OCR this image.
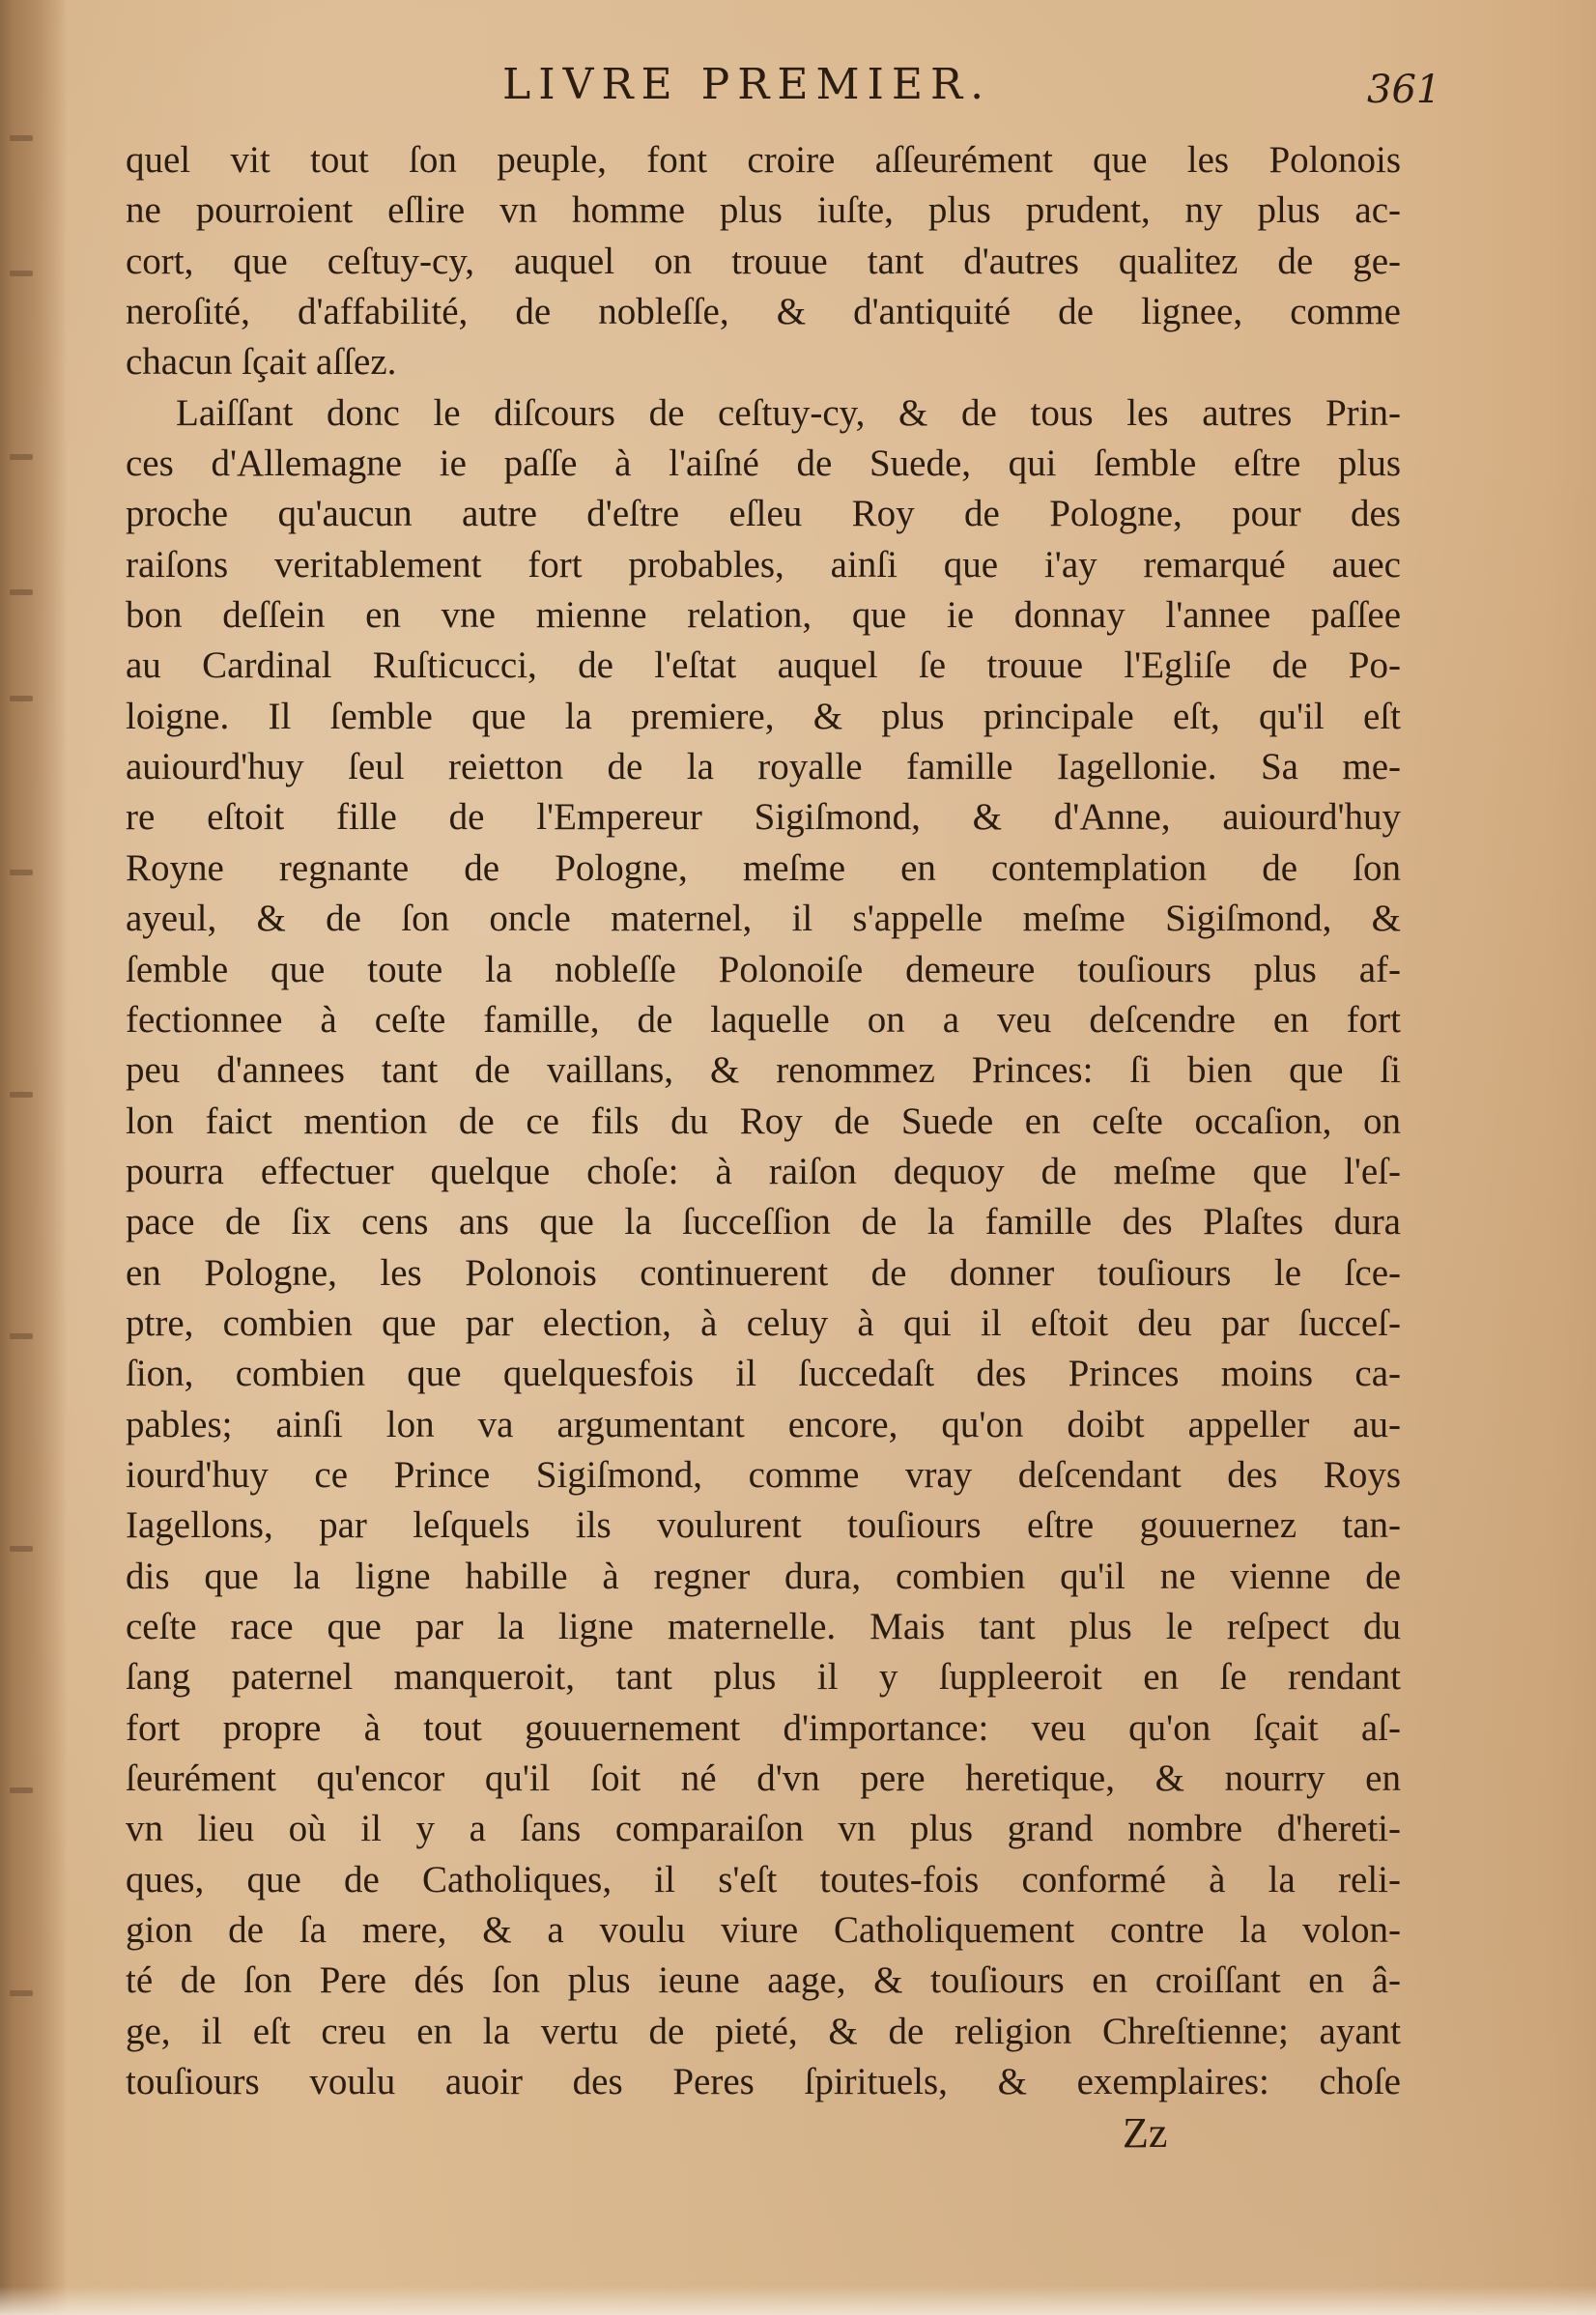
LIVRE PREMIER.	361
quel vit tout ſon peuple, font croire aſſeurément que les Polonois
ne pourroient eſlire vn homme plus iuſte, plus prudent, ny plus ac-
cort, que ceſtuy-cy, auquel on trouue tant d'autres qualitez de ge-
neroſité, d'affabilité, de nobleſſe, & d'antiquité de lignee, comme
chacun ſçait aſſez.
Laiſſant donc le diſcours de ceſtuy-cy, & de tous les autres Prin-
ces d'Allemagne ie paſſe à l'aiſné de Suede, qui ſemble eſtre plus
proche qu'aucun autre d'eſtre eſleu Roy de Pologne, pour des
raiſons veritablement fort probables, ainſi que i'ay remarqué auec
bon deſſein en vne mienne relation, que ie donnay l'annee paſſee
au Cardinal Ruſticucci, de l'eſtat auquel ſe trouue l'Egliſe de Po-
loigne. Il ſemble que la premiere, & plus principale eſt, qu'il eſt
auiourd'huy ſeul reietton de la royalle famille Iagellonie. Sa me-
re eſtoit fille de l'Empereur Sigiſmond, & d'Anne, auiourd'huy
Royne regnante de Pologne, meſme en contemplation de ſon
ayeul, & de ſon oncle maternel, il s'appelle meſme Sigiſmond, &
ſemble que toute la nobleſſe Polonoiſe demeure touſiours plus af-
fectionnee à ceſte famille, de laquelle on a veu deſcendre en fort
peu d'annees tant de vaillans, & renommez Princes: ſi bien que ſi
lon faict mention de ce fils du Roy de Suede en ceſte occaſion, on
pourra effectuer quelque choſe: à raiſon dequoy de meſme que l'eſ-
pace de ſix cens ans que la ſucceſſion de la famille des Plaſtes dura
en Pologne, les Polonois continuerent de donner touſiours le ſce-
ptre, combien que par election, à celuy à qui il eſtoit deu par ſucceſ-
ſion, combien que quelquesfois il ſuccedaſt des Princes moins ca-
pables; ainſi lon va argumentant encore, qu'on doibt appeller au-
iourd'huy ce Prince Sigiſmond, comme vray deſcendant des Roys
Iagellons, par leſquels ils voulurent touſiours eſtre gouuernez tan-
dis que la ligne habille à regner dura, combien qu'il ne vienne de
ceſte race que par la ligne maternelle. Mais tant plus le reſpect du
ſang paternel manqueroit, tant plus il y ſuppleeroit en ſe rendant
fort propre à tout gouuernement d'importance: veu qu'on ſçait aſ-
ſeurément qu'encor qu'il ſoit né d'vn pere heretique, & nourry en
vn lieu où il y a ſans comparaiſon vn plus grand nombre d'hereti-
ques, que de Catholiques, il s'eſt toutes-fois conformé à la reli-
gion de ſa mere, & a voulu viure Catholiquement contre la volon-
té de ſon Pere dés ſon plus ieune aage, & touſiours en croiſſant en â-
ge, il eſt creu en la vertu de pieté, & de religion Chreſtienne; ayant
touſiours voulu auoir des Peres ſpirituels, & exemplaires: choſe
Zz
